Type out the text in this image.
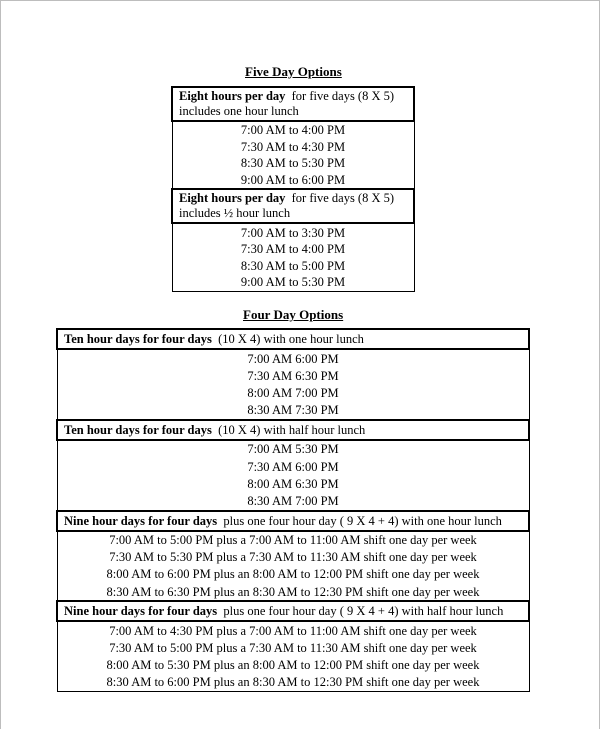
Five Day Options
Eight hours per day for five days (8 X 5)
includes one hour lunch
7:00 AM to 4:00 PM
7:30 AM to 4:30 PM
8:30 AM to 5:30 PM
9:00 AM to 6:00 PM
Eight hours per day for five days (8 X 5)
includes ½ hour lunch
7:00 AM to 3:30 PM
7:30 AM to 4:00 PM
8:30 AM to 5:00 PM
9:00 AM to 5:30 PM
Four Day Options
Ten hour days for four days (10 X 4) with one hour lunch
7:00 AM 6:00 PM
7:30 AM 6:30 PM
8:00 AM 7:00 PM
8:30 AM 7:30 PM
Ten hour days for four days (10 X 4) with half hour lunch
7:00 AM 5:30 PM
7:30 AM 6:00 PM
8:00 AM 6:30 PM
8:30 AM 7:00 PM
Nine hour days for four days plus one four hour day ( 9 X 4 + 4) with one hour lunch
7:00 AM to 5:00 PM plus a 7:00 AM to 11:00 AM shift one day per week
7:30 AM to 5:30 PM plus a 7:30 AM to 11:30 AM shift one day per week
8:00 AM to 6:00 PM plus an 8:00 AM to 12:00 PM shift one day per week
8:30 AM to 6:30 PM plus an 8:30 AM to 12:30 PM shift one day per week
Nine hour days for four days plus one four hour day ( 9 X 4 + 4) with half hour lunch
7:00 AM to 4:30 PM plus a 7:00 AM to 11:00 AM shift one day per week
7:30 AM to 5:00 PM plus a 7:30 AM to 11:30 AM shift one day per week
8:00 AM to 5:30 PM plus an 8:00 AM to 12:00 PM shift one day per week
8:30 AM to 6:00 PM plus an 8:30 AM to 12:30 PM shift one day per week
